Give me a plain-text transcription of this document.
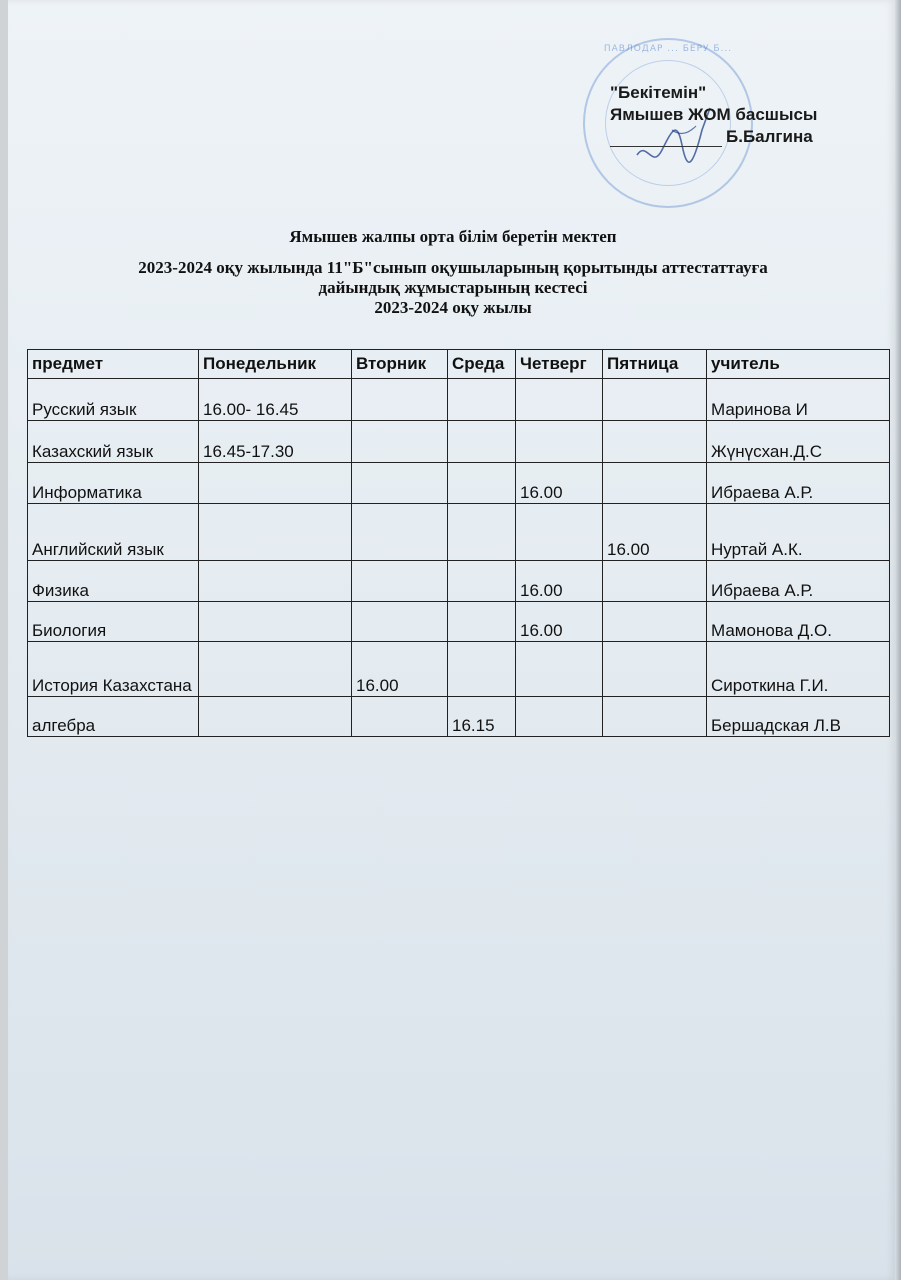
ПАВЛОДАР ... БЕРУ Б...
"Бекітемін"
Ямышев ЖОМ басшысы
Б.Балгина
Ямышев жалпы орта білім беретін мектеп
2023-2024 оқу жылында 11"Б"сынып оқушыларының қорытынды аттестаттауға
дайындық жұмыстарының кестесі
2023-2024 оқу жылы
предмет	Понедельник	Вторник	Среда	Четверг	Пятница	учитель
Русский язык	16.00- 16.45					Маринова И
Казахский язык	16.45-17.30					Жүнүсхан.Д.С
Информатика				16.00		Ибраева А.Р.
Английский язык					16.00	Нуртай А.К.
Физика				16.00		Ибраева А.Р.
Биология				16.00		Мамонова Д.О.
История Казахстана		16.00				Сироткина Г.И.
алгебра			16.15			Бершадская Л.В
